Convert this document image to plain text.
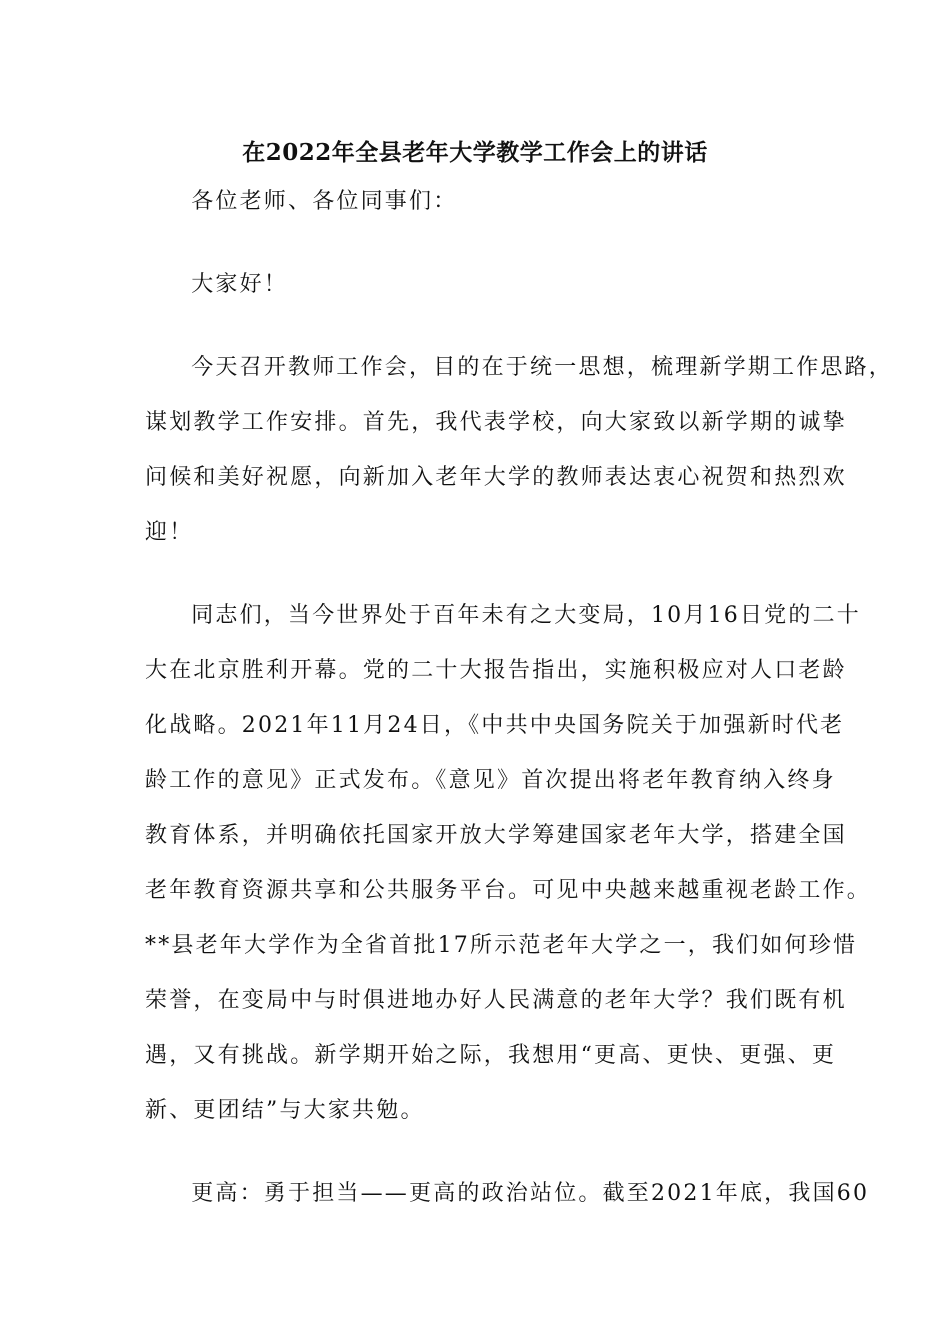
在2022年全县老年大学教学工作会上的讲话

各位老师、各位同事们：

大家好！

今天召开教师工作会，目的在于统一思想，梳理新学期工作思路，
谋划教学工作安排。首先，我代表学校，向大家致以新学期的诚挚
问候和美好祝愿，向新加入老年大学的教师表达衷心祝贺和热烈欢
迎！

同志们，当今世界处于百年未有之大变局，10月16日党的二十
大在北京胜利开幕。党的二十大报告指出，实施积极应对人口老龄
化战略。2021年11月24日，《中共中央国务院关于加强新时代老
龄工作的意见》正式发布。《意见》首次提出将老年教育纳入终身
教育体系，并明确依托国家开放大学筹建国家老年大学，搭建全国
老年教育资源共享和公共服务平台。可见中央越来越重视老龄工作。
**县老年大学作为全省首批17所示范老年大学之一，我们如何珍惜
荣誉，在变局中与时俱进地办好人民满意的老年大学？我们既有机
遇，又有挑战。新学期开始之际，我想用“更高、更快、更强、更
新、更团结”与大家共勉。

更高：勇于担当——更高的政治站位。截至2021年底，我国60
